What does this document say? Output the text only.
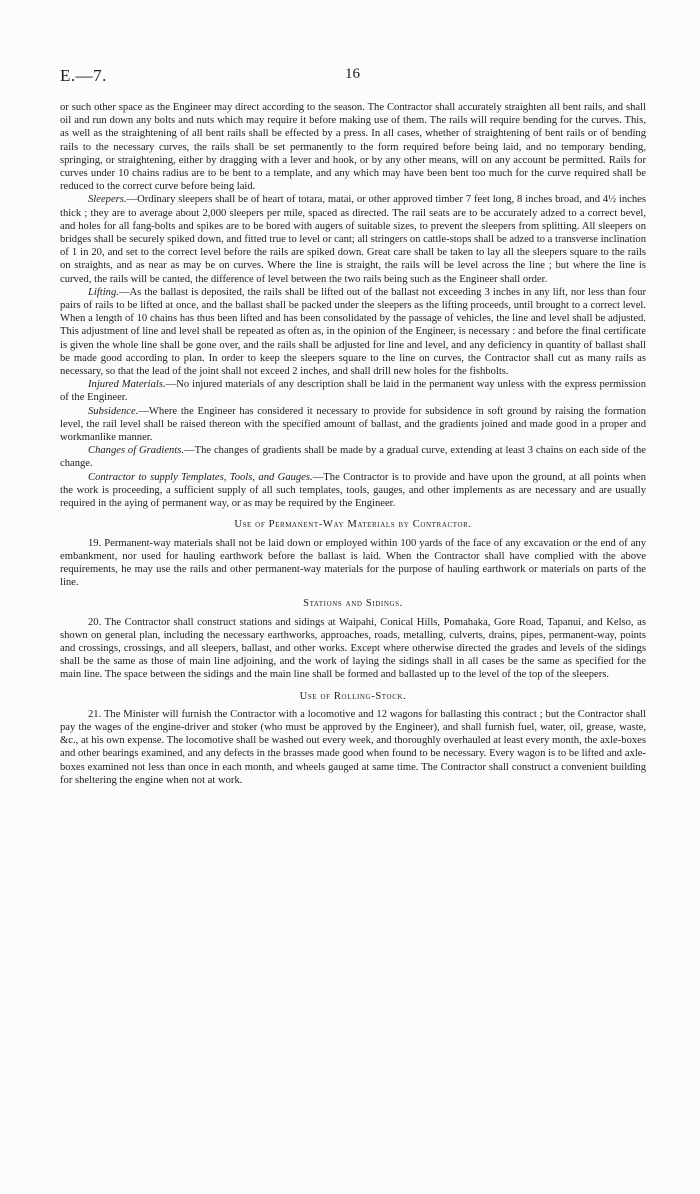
E.—7.	16

or such other space as the Engineer may direct according to the season. The Contractor shall accurately straighten all bent rails, and shall oil and run down any bolts and nuts which may require it before making use of them. The rails will require bending for the curves. This, as well as the straightening of all bent rails shall be effected by a press. In all cases, whether of straightening of bent rails or of bending rails to the necessary curves, the rails shall be set permanently to the form required before being laid, and no temporary bending, springing, or straightening, either by dragging with a lever and hook, or by any other means, will on any account be permitted. Rails for curves under 10 chains radius are to be bent to a template, and any which may have been bent too much for the curve required shall be reduced to the correct curve before being laid.

Sleepers.—Ordinary sleepers shall be of heart of totara, matai, or other approved timber 7 feet long, 8 inches broad, and 4½ inches thick ; they are to average about 2,000 sleepers per mile, spaced as directed. The rail seats are to be accurately adzed to a correct bevel, and holes for all fang-bolts and spikes are to be bored with augers of suitable sizes, to prevent the sleepers from splitting. All sleepers on bridges shall be securely spiked down, and fitted true to level or cant; all stringers on cattle-stops shall be adzed to a transverse inclination of 1 in 20, and set to the correct level before the rails are spiked down. Great care shall be taken to lay all the sleepers square to the rails on straights, and as near as may be on curves. Where the line is straight, the rails will be level across the line ; but where the line is curved, the rails will be canted, the difference of level between the two rails being such as the Engineer shall order.

Lifting.—As the ballast is deposited, the rails shall be lifted out of the ballast not exceeding 3 inches in any lift, nor less than four pairs of rails to be lifted at once, and the ballast shall be packed under the sleepers as the lifting proceeds, until brought to a correct level. When a length of 10 chains has thus been lifted and has been consolidated by the passage of vehicles, the line and level shall be adjusted. This adjustment of line and level shall be repeated as often as, in the opinion of the Engineer, is necessary : and before the final certificate is given the whole line shall be gone over, and the rails shall be adjusted for line and level, and any deficiency in quantity of ballast shall be made good according to plan. In order to keep the sleepers square to the line on curves, the Contractor shall cut as many rails as necessary, so that the lead of the joint shall not exceed 2 inches, and shall drill new holes for the fishbolts.

Injured Materials.—No injured materials of any description shall be laid in the permanent way unless with the express permission of the Engineer.

Subsidence.—Where the Engineer has considered it necessary to provide for subsidence in soft ground by raising the formation level, the rail level shall be raised thereon with the specified amount of ballast, and the gradients joined and made good in a proper and workmanlike manner.

Changes of Gradients.—The changes of gradients shall be made by a gradual curve, extending at least 3 chains on each side of the change.

Contractor to supply Templates, Tools, and Gauges.—The Contractor is to provide and have upon the ground, at all points when the work is proceeding, a sufficient supply of all such templates, tools, gauges, and other implements as are necessary and are usually required in the aying of permanent way, or as may be required by the Engineer.

Use of Permanent-Way Materials by Contractor.

19. Permanent-way materials shall not be laid down or employed within 100 yards of the face of any excavation or the end of any embankment, nor used for hauling earthwork before the ballast is laid. When the Contractor shall have complied with the above requirements, he may use the rails and other permanent-way materials for the purpose of hauling earthwork or materials on parts of the line.

Stations and Sidings.

20. The Contractor shall construct stations and sidings at Waipahi, Conical Hills, Pomahaka, Gore Road, Tapanui, and Kelso, as shown on general plan, including the necessary earthworks, approaches, roads, metalling, culverts, drains, pipes, permanent-way, points and crossings, crossings, and all sleepers, ballast, and other works. Except where otherwise directed the grades and levels of the sidings shall be the same as those of main line adjoining, and the work of laying the sidings shall in all cases be the same as specified for the main line. The space between the sidings and the main line shall be formed and ballasted up to the level of the top of the sleepers.

Use of Rolling-Stock.

21. The Minister will furnish the Contractor with a locomotive and 12 wagons for ballasting this contract ; but the Contractor shall pay the wages of the engine-driver and stoker (who must be approved by the Engineer), and shall furnish fuel, water, oil, grease, waste, &c., at his own expense. The locomotive shall be washed out every week, and thoroughly overhauled at least every month, the axle-boxes and other bearings examined, and any defects in the brasses made good when found to be necessary. Every wagon is to be lifted and axle-boxes examined not less than once in each month, and wheels gauged at same time. The Contractor shall construct a convenient building for sheltering the engine when not at work.
